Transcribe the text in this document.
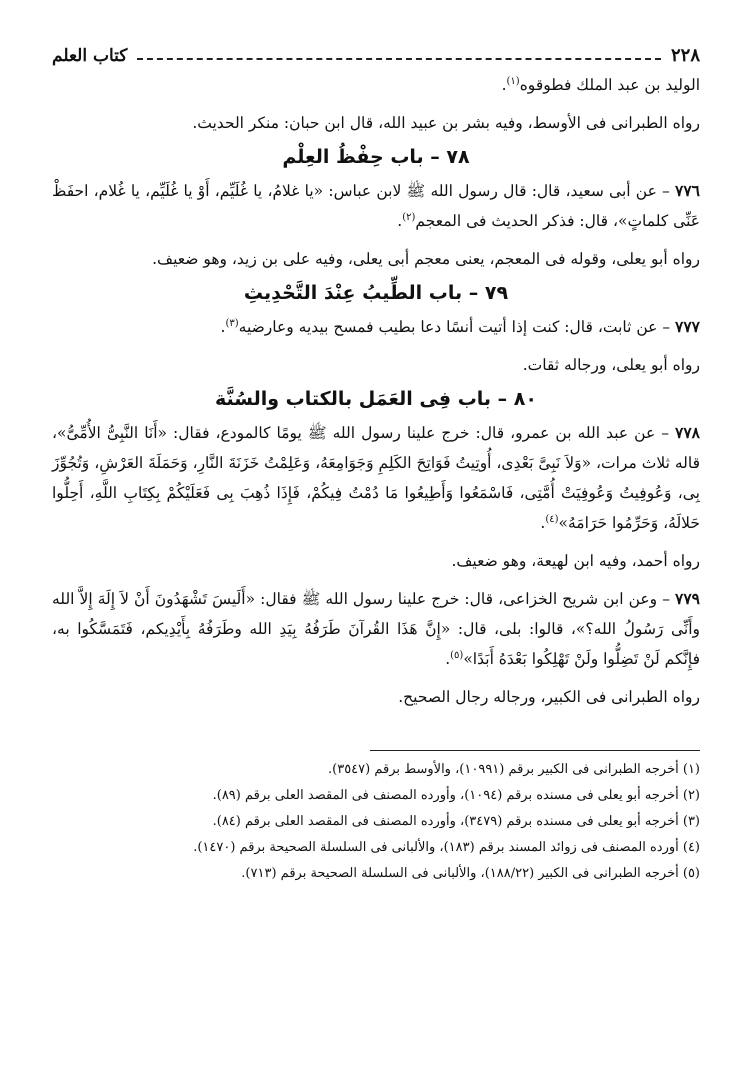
٢٢٨
كتاب العلم

الوليد بن عبد الملك فطوقوه$^{(١)}$.

رواه الطبرانى فى الأوسط، وفيه بشر بن عبيد الله، قال ابن حبان: منكر الحديث.

٧٨ – باب حِفْظُ العِلْم

٧٧٦ – عن أبى سعيد، قال: قال رسول الله ﷺ لابن عباس: «يا غلامُ، يا غُلَيِّم، أَوْ يا غُلَيِّم، يا غُلام، احفَظْ عَنِّى كلماتٍ»، قال: فذكر الحديث فى المعجم$^{(٢)}$.

رواه أبو يعلى، وقوله فى المعجم، يعنى معجم أبى يعلى، وفيه على بن زيد، وهو ضعيف.

٧٩ – باب الطِّيبُ عِنْدَ التَّحْدِيثِ

٧٧٧ – عن ثابت، قال: كنت إذا أتيت أنسًا دعا بطيب فمسح بيديه وعارضيه$^{(٣)}$.

رواه أبو يعلى، ورجاله ثقات.

٨٠ – باب فِى العَمَل بالكتاب والسُنَّة

٧٧٨ – عن عبد الله بن عمرو، قال: خرج علينا رسول الله ﷺ يومًا كالمودع، فقال: «أَنَا النَّبِىُّ الأُمِّىُّ»، قاله ثلاث مرات، «وَلاَ نَبِىَّ بَعْدِى، أُوتِيتُ فَوَاتِحَ الكَلِمِ وَجَوَامِعَهُ، وَعَلِمْتُ خَزَنَةَ النَّارِ، وَحَمَلَةَ العَرْشِ، وَتُجُوِّزَ بِى، وَعُوفِيتُ وَعُوفِيَتْ أُمَّتِى، فَاسْمَعُوا وَأَطِيعُوا مَا دُمْتُ فِيكُمْ، فَإِذَا ذُهِبَ بِى فَعَلَيْكُمْ بِكِتَابِ اللَّهِ، أَحِلُّوا حَلالَهُ، وَحَرِّمُوا حَرَامَهُ»$^{(٤)}$.

رواه أحمد، وفيه ابن لهيعة، وهو ضعيف.

٧٧٩ – وعن ابن شريح الخزاعى، قال: خرج علينا رسول الله ﷺ فقال: «أَلَيسَ تَشْهَدُونَ أَنْ لاَ إِلَهَ إِلاَّ الله وأَنِّى رَسُولُ الله؟»، قالوا: بلى، قال: «إِنَّ هَذَا القُرآنَ طَرَفُهُ بِيَدِ الله وطَرَفُهُ بِأَيْدِيكم، فَتَمَسَّكُوا به، فإِنَّكم لَنْ تَضِلُّوا ولَنْ تَهْلِكُوا بَعْدَهُ أَبَدًا»$^{(٥)}$.

رواه الطبرانى فى الكبير، ورجاله رجال الصحيح.

(١) أخرجه الطبرانى فى الكبير برقم (١٠٩٩١)، والأوسط برقم (٣٥٤٧).

(٢) أخرجه أبو يعلى فى مسنده برقم (١٠٩٤)، وأورده المصنف فى المقصد العلى برقم (٨٩).

(٣) أخرجه أبو يعلى فى مسنده برقم (٣٤٧٩)، وأورده المصنف فى المقصد العلى برقم (٨٤).

(٤) أورده المصنف فى زوائد المسند برقم (١٨٣)، والألبانى فى السلسلة الصحيحة برقم (١٤٧٠).

(٥) أخرجه الطبرانى فى الكبير (١٨٨/٢٢)، والألبانى فى السلسلة الصحيحة برقم (٧١٣).
